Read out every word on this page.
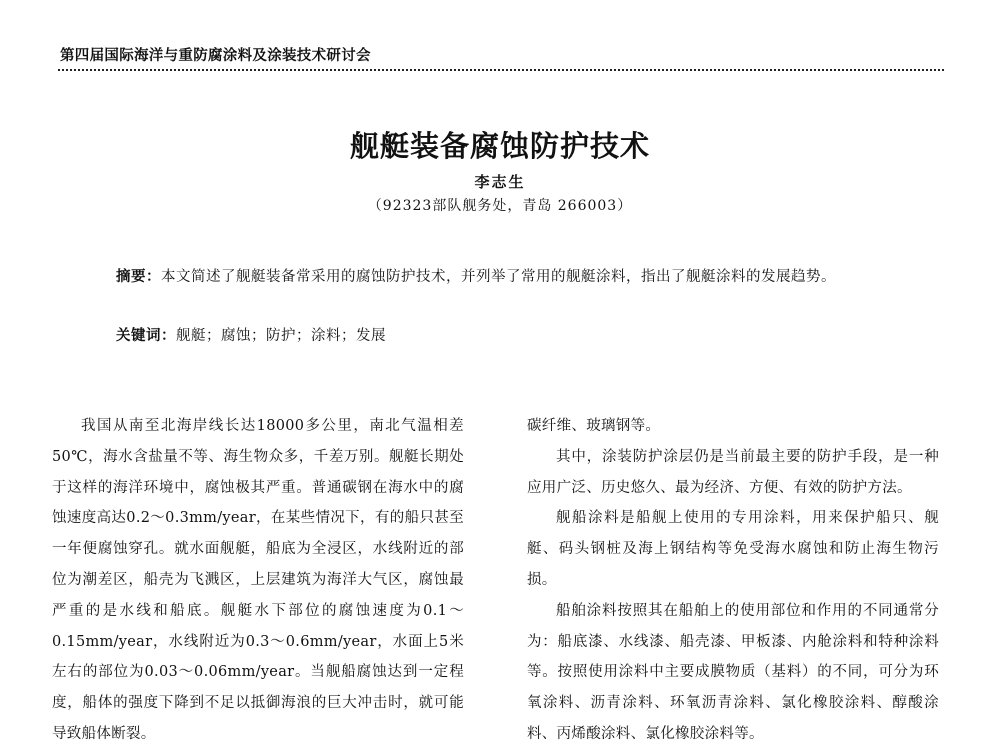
第四届国际海洋与重防腐涂料及涂装技术研讨会
舰艇装备腐蚀防护技术
李志生
（92323部队舰务处，青岛 266003）

摘要：本文简述了舰艇装备常采用的腐蚀防护技术，并列举了常用的舰艇涂料，指出了舰艇涂料的发展趋势。

关键词：舰艇；腐蚀；防护；涂料；发展

我国从南至北海岸线长达18000多公里，南北气温相差50℃，海水含盐量不等、海生物众多，千差万别。舰艇长期处于这样的海洋环境中，腐蚀极其严重。普通碳钢在海水中的腐蚀速度高达0.2～0.3mm/year，在某些情况下，有的船只甚至一年便腐蚀穿孔。就水面舰艇，船底为全浸区，水线附近的部位为潮差区，船壳为飞溅区，上层建筑为海洋大气区，腐蚀最严重的是水线和船底。舰艇水下部位的腐蚀速度为0.1～0.15mm/year，水线附近为0.3～0.6mm/year，水面上5米左右的部位为0.03～0.06mm/year。当舰船腐蚀达到一定程度，船体的强度下降到不足以抵御海浪的巨大冲击时，就可能导致船体断裂。

碳纤维、玻璃钢等。

其中，涂装防护涂层仍是当前最主要的防护手段，是一种应用广泛、历史悠久、最为经济、方便、有效的防护方法。

舰船涂料是船舰上使用的专用涂料，用来保护船只、舰艇、码头钢桩及海上钢结构等免受海水腐蚀和防止海生物污损。

船舶涂料按照其在船舶上的使用部位和作用的不同通常分为：船底漆、水线漆、船壳漆、甲板漆、内舱涂料和特种涂料等。按照使用涂料中主要成膜物质（基料）的不同，可分为环氧涂料、沥青涂料、环氧沥青涂料、氯化橡胶涂料、醇酸涂料、丙烯酸涂料、氯化橡胶涂料等。
